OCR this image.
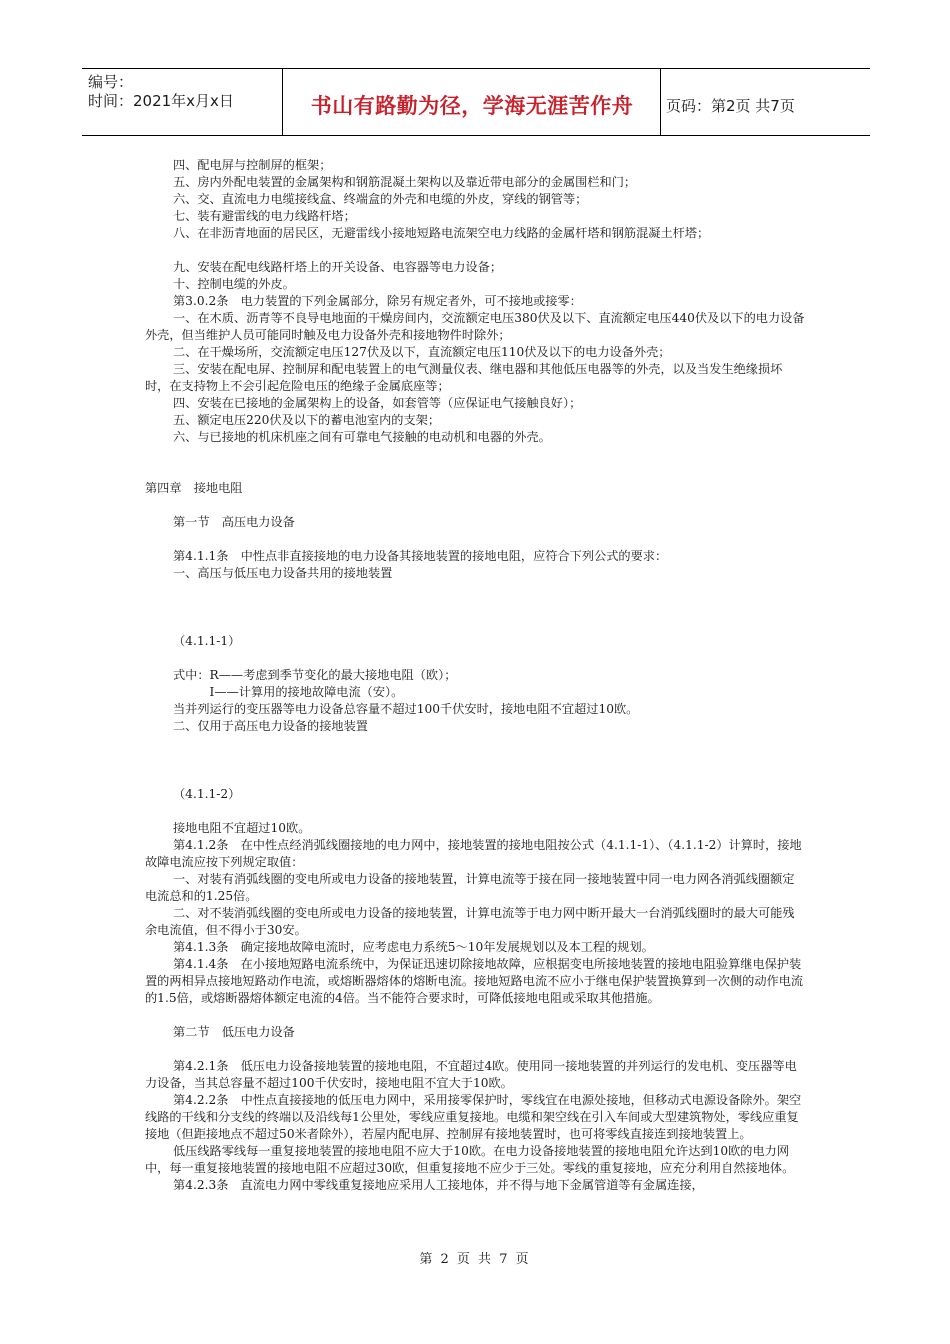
编号：
时间：2021年x月x日	书山有路勤为径，学海无涯苦作舟	页码：第2页 共7页

四、配电屏与控制屏的框架；

五、房内外配电装置的金属架构和钢筋混凝土架构以及靠近带电部分的金属围栏和门；

六、交、直流电力电缆接线盒、终端盒的外壳和电缆的外皮，穿线的钢管等；

七、装有避雷线的电力线路杆塔；

八、在非沥青地面的居民区，无避雷线小接地短路电流架空电力线路的金属杆塔和钢筋混凝土杆塔；

九、安装在配电线路杆塔上的开关设备、电容器等电力设备；

十、控制电缆的外皮。

第3.0.2条　电力装置的下列金属部分，除另有规定者外，可不接地或接零：

一、在木质、沥青等不良导电地面的干燥房间内，交流额定电压380伏及以下、直流额定电压440伏及以下的电力设备外壳，但当维护人员可能同时触及电力设备外壳和接地物件时除外；

二、在干燥场所，交流额定电压127伏及以下，直流额定电压110伏及以下的电力设备外壳；

三、安装在配电屏、控制屏和配电装置上的电气测量仪表、继电器和其他低压电器等的外壳，以及当发生绝缘损坏时，在支持物上不会引起危险电压的绝缘子金属底座等；

四、安装在已接地的金属架构上的设备，如套管等（应保证电气接触良好）；

五、额定电压220伏及以下的蓄电池室内的支架；

六、与已接地的机床机座之间有可靠电气接触的电动机和电器的外壳。

第四章　接地电阻

第一节　高压电力设备

第4.1.1条　中性点非直接接地的电力设备其接地装置的接地电阻，应符合下列公式的要求：

一、高压与低压电力设备共用的接地装置

（4.1.1-1）

式中：R——考虑到季节变化的最大接地电阻（欧）；

　　　I——计算用的接地故障电流（安）。

当并列运行的变压器等电力设备总容量不超过100千伏安时，接地电阻不宜超过10欧。

二、仅用于高压电力设备的接地装置

（4.1.1-2）

接地电阻不宜超过10欧。

第4.1.2条　在中性点经消弧线圈接地的电力网中，接地装置的接地电阻按公式（4.1.1-1）、（4.1.1-2）计算时，接地故障电流应按下列规定取值：

一、对装有消弧线圈的变电所或电力设备的接地装置，计算电流等于接在同一接地装置中同一电力网各消弧线圈额定电流总和的1.25倍。

二、对不装消弧线圈的变电所或电力设备的接地装置，计算电流等于电力网中断开最大一台消弧线圈时的最大可能残余电流值，但不得小于30安。

第4.1.3条　确定接地故障电流时，应考虑电力系统5～10年发展规划以及本工程的规划。

第4.1.4条　在小接地短路电流系统中，为保证迅速切除接地故障，应根据变电所接地装置的接地电阻验算继电保护装置的两相异点接地短路动作电流，或熔断器熔体的熔断电流。接地短路电流不应小于继电保护装置换算到一次侧的动作电流的1.5倍，或熔断器熔体额定电流的4倍。当不能符合要求时，可降低接地电阻或采取其他措施。

第二节　低压电力设备

第4.2.1条　低压电力设备接地装置的接地电阻，不宜超过4欧。使用同一接地装置的并列运行的发电机、变压器等电力设备，当其总容量不超过100千伏安时，接地电阻不宜大于10欧。

第4.2.2条　中性点直接接地的低压电力网中，采用接零保护时，零线宜在电源处接地，但移动式电源设备除外。架空线路的干线和分支线的终端以及沿线每1公里处，零线应重复接地。电缆和架空线在引入车间或大型建筑物处，零线应重复接地（但距接地点不超过50米者除外），若屋内配电屏、控制屏有接地装置时，也可将零线直接连到接地装置上。

低压线路零线每一重复接地装置的接地电阻不应大于10欧。在电力设备接地装置的接地电阻允许达到10欧的电力网中，每一重复接地装置的接地电阻不应超过30欧，但重复接地不应少于三处。零线的重复接地，应充分利用自然接地体。

第4.2.3条　直流电力网中零线重复接地应采用人工接地体，并不得与地下金属管道等有金属连接，

第 2 页 共 7 页
